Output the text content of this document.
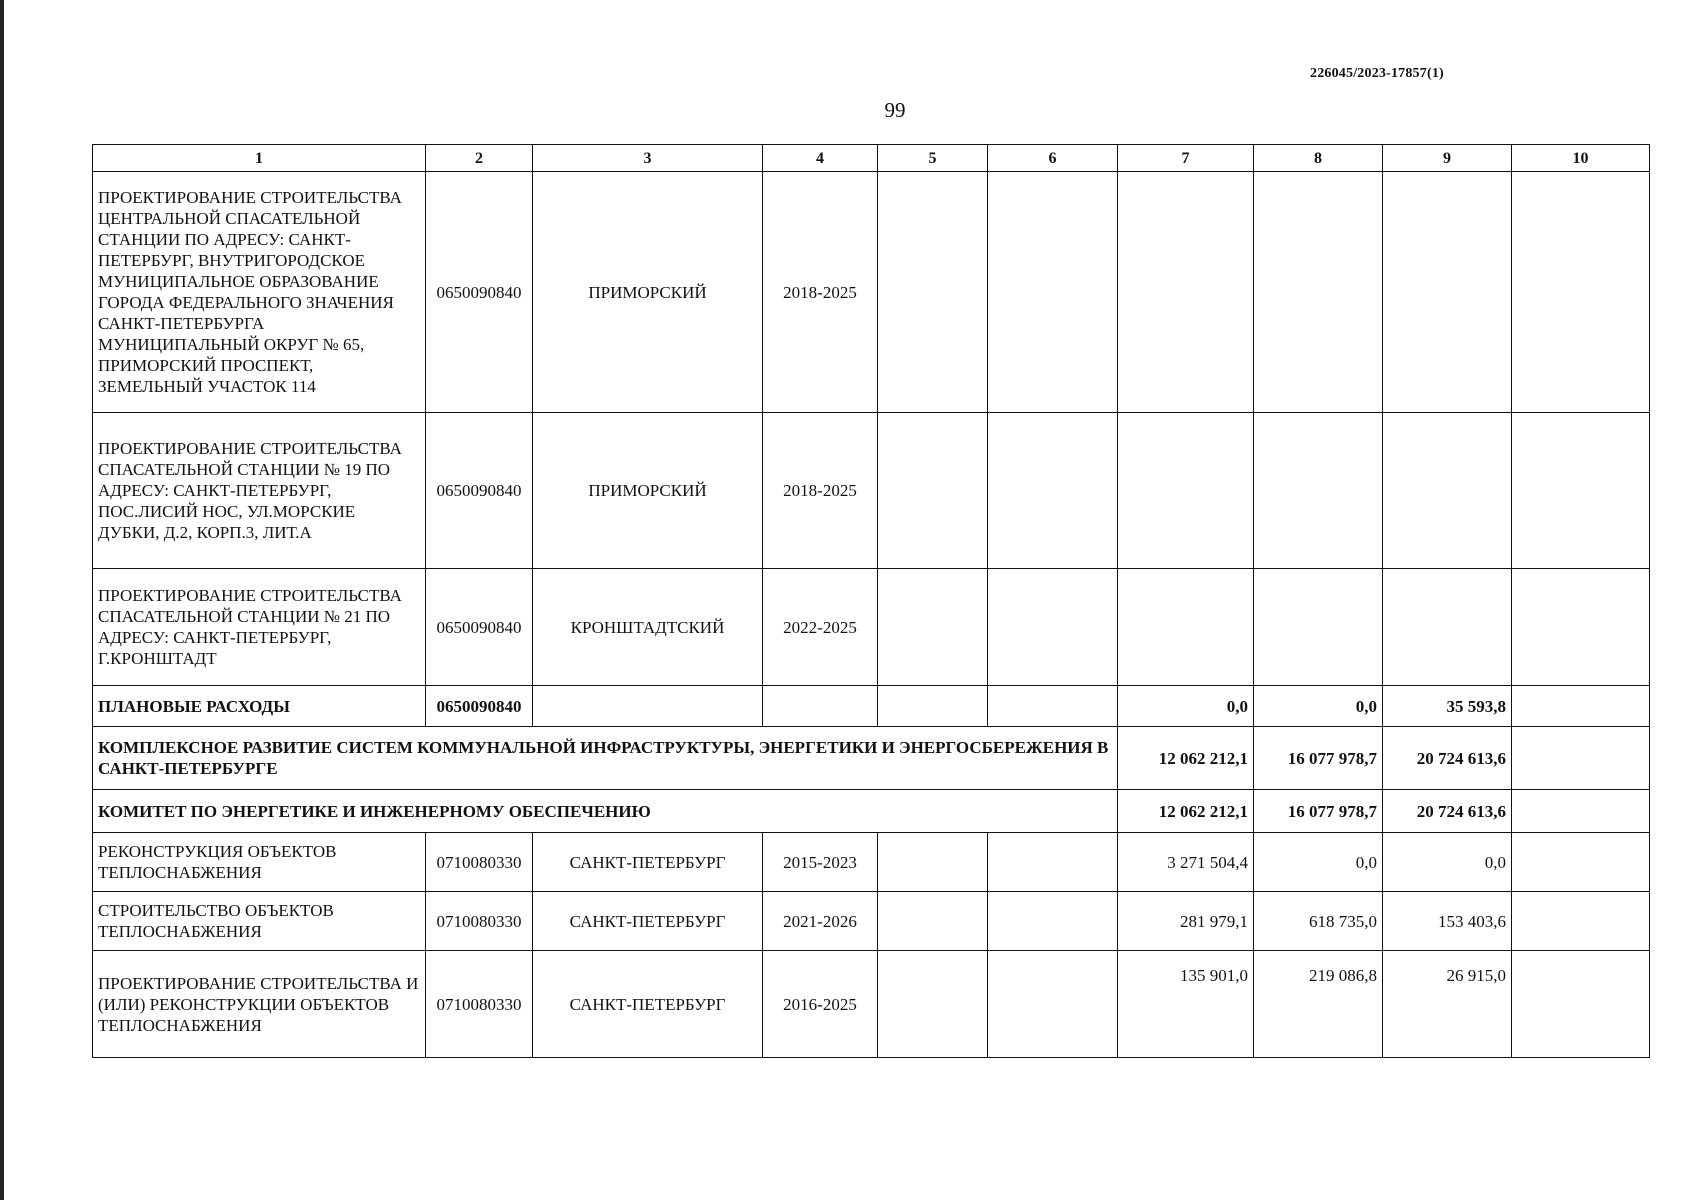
226045/2023-17857(1)
99
1	2	3	4	5	6	7	8	9	10
ПРОЕКТИРОВАНИЕ СТРОИТЕЛЬСТВА ЦЕНТРАЛЬНОЙ СПАСАТЕЛЬНОЙ СТАНЦИИ ПО АДРЕСУ: САНКТ-ПЕТЕРБУРГ, ВНУТРИГОРОДСКОЕ МУНИЦИПАЛЬНОЕ ОБРАЗОВАНИЕ ГОРОДА ФЕДЕРАЛЬНОГО ЗНАЧЕНИЯ САНКТ-ПЕТЕРБУРГА МУНИЦИПАЛЬНЫЙ ОКРУГ № 65, ПРИМОРСКИЙ ПРОСПЕКТ, ЗЕМЕЛЬНЫЙ УЧАСТОК 114	0650090840	ПРИМОРСКИЙ	2018-2025						
ПРОЕКТИРОВАНИЕ СТРОИТЕЛЬСТВА СПАСАТЕЛЬНОЙ СТАНЦИИ № 19 ПО АДРЕСУ: САНКТ-ПЕТЕРБУРГ, ПОС.ЛИСИЙ НОС, УЛ.МОРСКИЕ ДУБКИ, Д.2, КОРП.3, ЛИТ.А	0650090840	ПРИМОРСКИЙ	2018-2025						
ПРОЕКТИРОВАНИЕ СТРОИТЕЛЬСТВА СПАСАТЕЛЬНОЙ СТАНЦИИ № 21 ПО АДРЕСУ: САНКТ-ПЕТЕРБУРГ, Г.КРОНШТАДТ	0650090840	КРОНШТАДТСКИЙ	2022-2025						
ПЛАНОВЫЕ РАСХОДЫ	0650090840					0,0	0,0	35 593,8	
КОМПЛЕКСНОЕ РАЗВИТИЕ СИСТЕМ КОММУНАЛЬНОЙ ИНФРАСТРУКТУРЫ, ЭНЕРГЕТИКИ И ЭНЕРГОСБЕРЕЖЕНИЯ В САНКТ-ПЕТЕРБУРГЕ						12 062 212,1	16 077 978,7	20 724 613,6	
КОМИТЕТ ПО ЭНЕРГЕТИКЕ И ИНЖЕНЕРНОМУ ОБЕСПЕЧЕНИЮ						12 062 212,1	16 077 978,7	20 724 613,6	
РЕКОНСТРУКЦИЯ ОБЪЕКТОВ ТЕПЛОСНАБЖЕНИЯ	0710080330	САНКТ-ПЕТЕРБУРГ	2015-2023			3 271 504,4	0,0	0,0	
СТРОИТЕЛЬСТВО ОБЪЕКТОВ ТЕПЛОСНАБЖЕНИЯ	0710080330	САНКТ-ПЕТЕРБУРГ	2021-2026			281 979,1	618 735,0	153 403,6	
ПРОЕКТИРОВАНИЕ СТРОИТЕЛЬСТВА И (ИЛИ) РЕКОНСТРУКЦИИ ОБЪЕКТОВ ТЕПЛОСНАБЖЕНИЯ	0710080330	САНКТ-ПЕТЕРБУРГ	2016-2025			135 901,0	219 086,8	26 915,0	
